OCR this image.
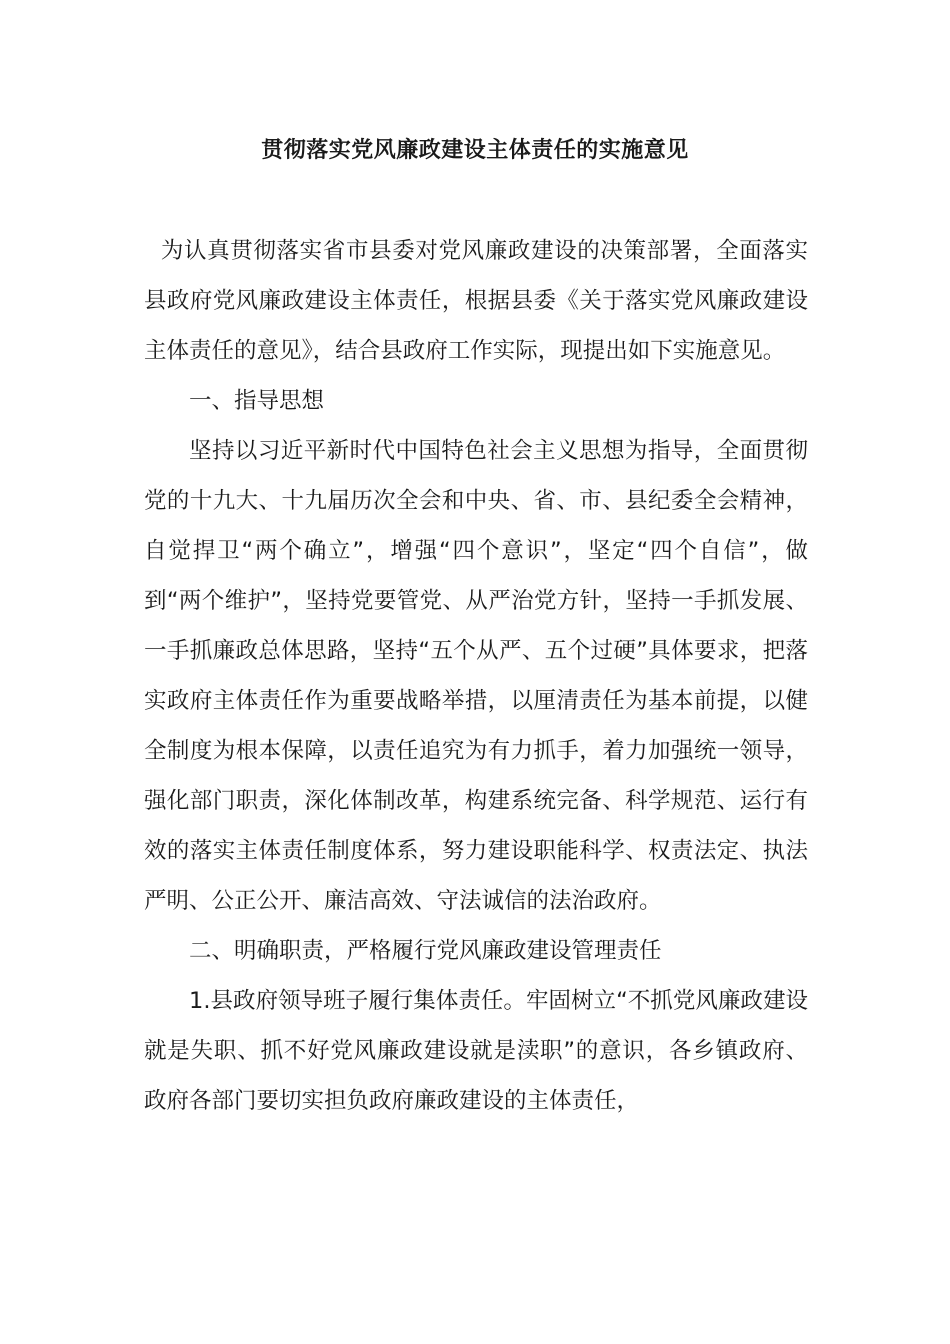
贯彻落实党风廉政建设主体责任的实施意见

为认真贯彻落实省市县委对党风廉政建设的决策部署，全面落实县政府党风廉政建设主体责任，根据县委《关于落实党风廉政建设主体责任的意见》，结合县政府工作实际，现提出如下实施意见。

一、指导思想

坚持以习近平新时代中国特色社会主义思想为指导，全面贯彻党的十九大、十九届历次全会和中央、省、市、县纪委全会精神，自觉捍卫“两个确立”，增强“四个意识”，坚定“四个自信”，做到“两个维护”，坚持党要管党、从严治党方针，坚持一手抓发展、一手抓廉政总体思路，坚持“五个从严、五个过硬”具体要求，把落实政府主体责任作为重要战略举措，以厘清责任为基本前提，以健全制度为根本保障，以责任追究为有力抓手，着力加强统一领导，强化部门职责，深化体制改革，构建系统完备、科学规范、运行有效的落实主体责任制度体系，努力建设职能科学、权责法定、执法严明、公正公开、廉洁高效、守法诚信的法治政府。

二、明确职责，严格履行党风廉政建设管理责任

1.县政府领导班子履行集体责任。牢固树立“不抓党风廉政建设就是失职、抓不好党风廉政建设就是渎职”的意识，各乡镇政府、政府各部门要切实担负政府廉政建设的主体责任，
